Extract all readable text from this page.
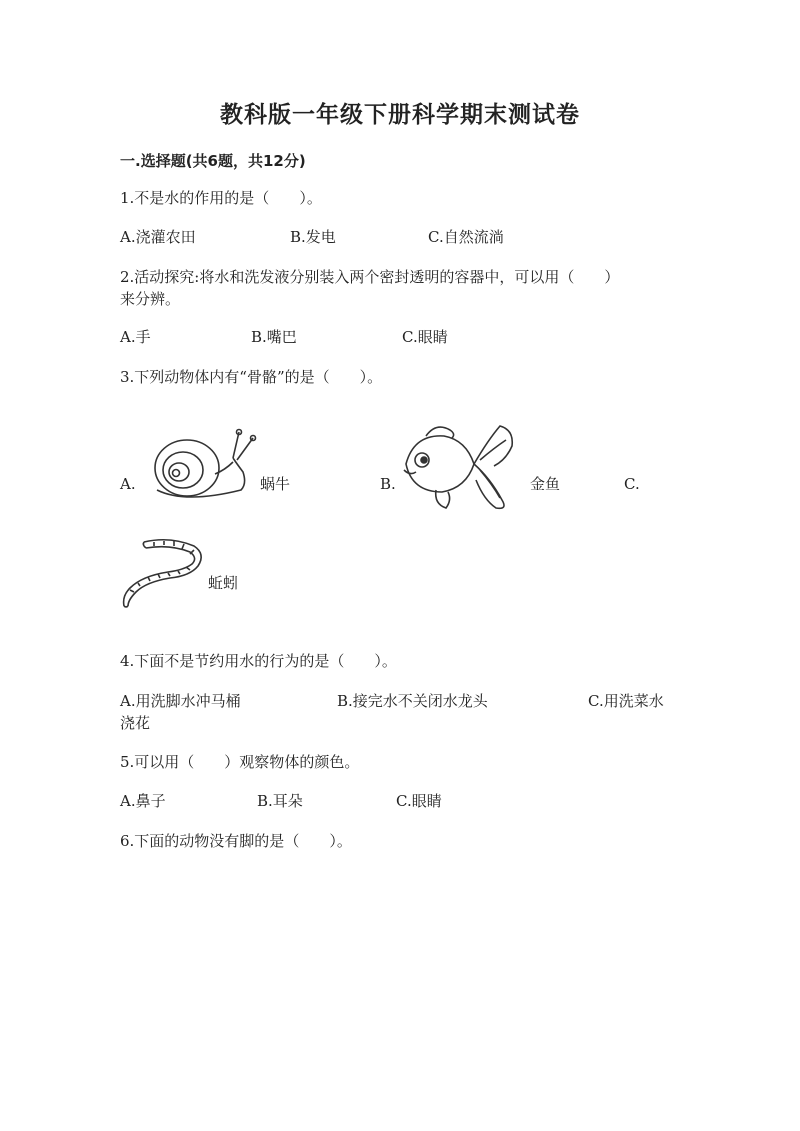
教科版一年级下册科学期末测试卷
一.选择题(共6题，共12分)
1.不是水的作用的是（　　）。
A.浇灌农田	B.发电	C.自然流淌
2.活动探究:将水和洗发液分别装入两个密封透明的容器中，可以用（　　）
来分辨。
A.手	B.嘴巴	C.眼睛
3.下列动物体内有“骨骼”的是（　　）。
A.	蜗牛	B.	金鱼	C.
蚯蚓
4.下面不是节约用水的行为的是（　　）。
A.用洗脚水冲马桶	B.接完水不关闭水龙头	C.用洗菜水
浇花
5.可以用（　　）观察物体的颜色。
A.鼻子	B.耳朵	C.眼睛
6.下面的动物没有脚的是（　　）。
